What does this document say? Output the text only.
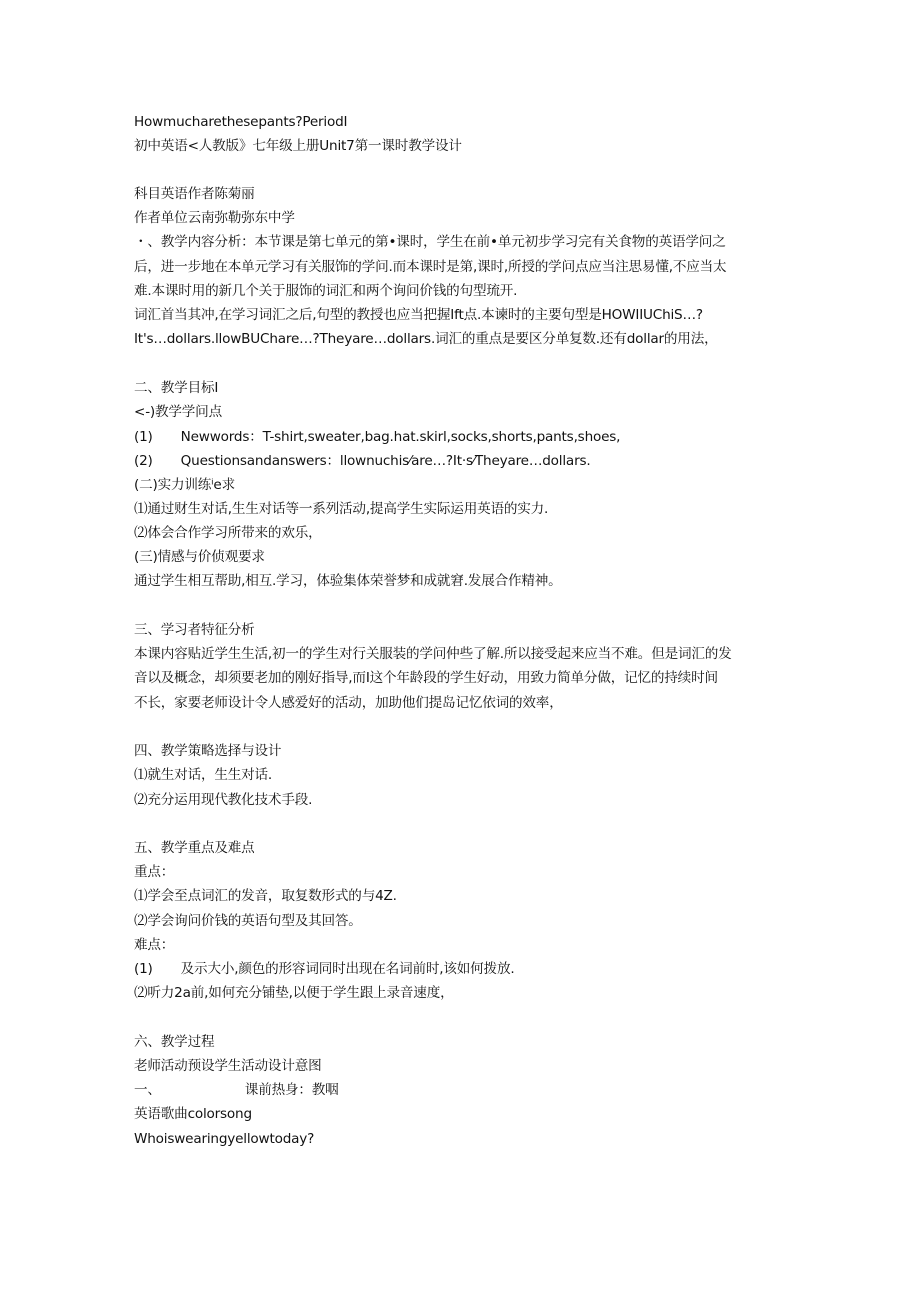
Howmucharethesepants?PeriodI
初中英语<人教版》七年级上册Unit7第一课时教学设计
科目英语作者陈菊丽
作者单位云南弥勒弥东中学
・、教学内容分析：本节课是第七单元的第•课时，学生在前•单元初步学习完有关食物的英语学问之
后，进一步地在本单元学习有关服饰的学问.而本课时是第,课时,所授的学问点应当注思易懂,不应当太
难.本课时用的新几个关于服饰的词汇和两个询问价钱的句型琉开.
词汇首当其冲,在学习词汇之后,句型的教授也应当把握Ift点.本谏时的主要句型是HOWIIUChiS…?
It's…dollars.llowBUChare…?Theyare…dollars.词汇的重点是要区分单复数.还有dollar的用法，
二、教学目标I
<-)教学学问点
(1) Newwords：T-shirt,sweater,bag.hat.skirl,socks,shorts,pants,shoes,
(2) Questionsandanswers：llownuchis⁄are…?It·s⁄Theyare…dollars.
(二)实力训练ⁱe求
⑴通过财生对话,生生对话等一系列活动,提高学生实际运用英语的实力.
⑵体会合作学习所带来的欢乐，
(三)情感与价侦观要求
通过学生相互帮助,相互.学习，体验集体荣誉梦和成就窘.发展合作精神。
三、学习者特征分析
本课内容贴近学生生活,初一的学生对行关服装的学问仲些了解.所以接受起来应当不难。但是词汇的发
音以及概念，却须要老加的刚好指导,而I这个年龄段的学生好动，用致力简单分做，记忆的持续时间
不长，家要老师设计令人感爱好的活动，加助他们提岛记忆依词的效率，
四、教学策略选择与设计
⑴就生对话，生生对话.
⑵充分运用现代教化技术手段.
五、教学重点及难点
重点：
⑴学会至点词汇的发音，取复数形式的与4Z.
⑵学会询问价钱的英语句型及其回答。
难点：
(1) 及示大小,颜色的形容词同时出现在名词前时,该如何拨放.
⑵听力2a前,如何充分铺垫,以便于学生跟上录音速度，
六、教学过程
老师活动预设学生活动设计意图
一、	课前热身：教咽
英语歌曲colorsong
Whoiswearingyellowtoday?
